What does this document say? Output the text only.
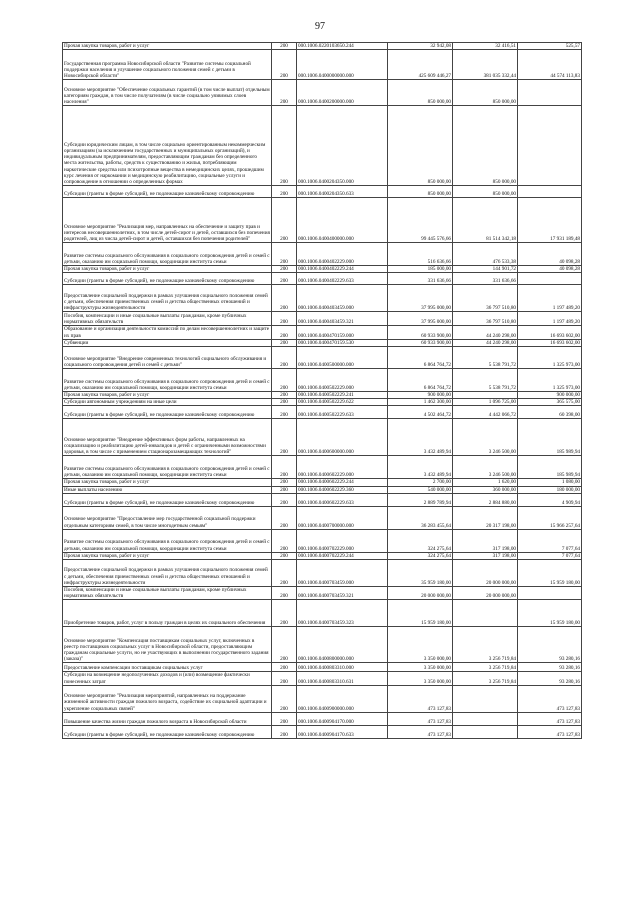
97
Прочая закупка товаров, работ и услуг	200	000.1006.0220103650.244	32 942,08	32 416,51	525,57
Государственная программа Новосибирской области "Развитие системы социальной поддержки населения и улучшение социального положения семей с детьми в Новосибирской области"	200	000.1006.0400000000.000	425 609 446,27	381 035 332,44	44 574 113,83
Основное мероприятие "Обеспечение социальных гарантий (в том числе выплат) отдельным категориям граждан, в том числе получателям (в числе социально уязвимых слоев населения"	200	000.1006.0400200000.000	850 000,00	850 000,00	
Субсидии юридическим лицам, в том числе социально ориентированным некоммерческим организациям (за исключением государственных и муниципальных организаций), и индивидуальным предпринимателям, предоставляющим гражданам без определенного места жительства, работы, средств к существованию и жилья, потребляющим наркотические средства или психотропные вещества в немедицинских целях, прошедшим курс лечения от наркомании и медицинскую реабилитацию, социальные услуги и сопровождение в отношении о определенных формах	200	000.1006.0400204350.000	850 000,00	850 000,00	
Субсидии (гранты в форме субсидий), не подлежащие казначейскому сопровождению	200	000.1006.0400204350.633	850 000,00	850 000,00	
Основное мероприятие "Реализация мер, направленных на обеспечение и защиту прав и интересов несовершеннолетних, в том числе детей-сирот и детей, оставшихся без попечения родителей, лиц из числа детей-сирот и детей, оставшихся без попечения родителей"	200	000.1006.0400400000.000	99 445 576,66	81 514 342,18	17 931 189,48
Развитие системы социального обслуживания в социального сопровождения детей и семей с детьми, оказанию им социальной помощи, координации института семьи	200	000.1006.0400402229.000	516 636,66	476 533,38	40 098,28
Прочая закупка товаров, работ и услуг	200	000.1006.0400402229.244	185 000,00	144 901,72	40 098,28
Субсидии (гранты в форме субсидий), не подлежащие казначейскому сопровождению	200	000.1006.0400402229.633	331 636,66	331 636,66	
Предоставление социальной поддержки в рамках улучшения социального положения семей с детьми, обеспечения приемственных семей и детства общественных отношений и инфраструктуры жизнедеятельности	200	000.1006.0400403459.000	37 995 000,00	36 797 510,80	1 197 489,20
Пособия, компенсации и иные социальные выплаты гражданам, кроме публичных нормативных обязательств	200	000.1006.0400403459.321	37 995 000,00	36 797 510,80	1 197 489,20
Образование и организация деятельности комиссий по делам несовершеннолетних и защите их прав	200	000.1006.0400470159.000	60 933 900,00	44 240 298,00	16 693 602,00
Субвенции	200	000.1006.0400470159.530	60 933 900,00	44 240 298,00	16 693 602,00
Основное мероприятие "Внедрение современных технологий социального обслуживания и социального сопровождения детей и семей с детьми"	200	000.1006.0400500000.000	6 864 764,72	5 538 791,72	1 325 973,00
Развитие системы социального обслуживания в социального сопровождения детей и семей с детьми, оказанию им социальной помощи, координации института семьи	200	000.1006.0400502229.000	6 864 764,72	5 538 791,72	1 325 973,00
Прочая закупка товаров, работ и услуг	200	000.1006.0400502229.241	900 000,00		900 000,00
Субсидии автономным учреждениям на иные цели	200	000.1006.0400502229.622	1 462 300,00	1 096 725,00	365 575,00
Субсидии (гранты в форме субсидий), не подлежащие казначейскому сопровождению	200	000.1006.0400502229.633	4 502 464,72	4 442 066,72	60 398,00
Основное мероприятие "Внедрение эффективных форм работы, направленных на социализацию и реабилитацию детей-инвалидов и детей с ограниченными возможностями здоровья, в том числе с применением стационарозамещающих технологий"	200	000.1006.0400600000.000	3 432 489,94	3 246 500,00	185 989,94
Развитие системы социального обслуживания в социального сопровождения детей и семей с детьми, оказанию им социальной помощи, координации института семьи	200	000.1006.0400602229.000	3 432 489,94	3 246 500,00	185 989,94
Прочая закупка товаров, работ и услуг	200	000.1006.0400602229.244	2 700,00	1 620,00	1 080,00
Иные выплаты населению	200	000.1006.0400602229.360	540 000,00	360 000,00	180 000,00
Субсидии (гранты в форме субсидий), не подлежащие казначейскому сопровождению	200	000.1006.0400602229.633	2 889 789,94	2 884 880,00	4 909,94
Основное мероприятие "Предоставление мер государственной социальной поддержки отдельным категориям семей, в том числе многодетным семьям"	200	000.1006.0400700000.000	36 283 455,64	20 317 198,00	15 966 257,64
Развитие системы социального обслуживания в социального сопровождения детей и семей с детьми, оказанию им социальной помощи, координации института семьи	200	000.1006.0400702229.000	324 275,64	317 198,00	7 077,64
Прочая закупка товаров, работ и услуг	200	000.1006.0400702229.244	324 275,64	317 198,00	7 077,64
Предоставление социальной поддержки в рамках улучшения социального положения семей с детьми, обеспечения приемственных семей и детства общественных отношений и инфраструктуры жизнедеятельности	200	000.1006.0400703459.000	35 959 180,00	20 000 000,00	15 959 180,00
Пособия, компенсации и иные социальные выплаты гражданам, кроме публичных нормативных обязательств	200	000.1006.0400703459.321	20 000 000,00	20 000 000,00	
Приобретение товаров, работ, услуг в пользу граждан в целях их социального обеспечения	200	000.1006.0400703459.323	15 959 180,00		15 959 180,00
Основное мероприятие "Компенсация поставщикам социальных услуг, включенных в реестр поставщиков социальных услуг в Новосибирской области, предоставляющим гражданам социальные услуги, но не участвующих в выполнении государственного задания (заказа)"	200	000.1006.0400800000.000	3 350 000,00	3 256 719,84	93 280,16
Предоставление компенсации поставщикам социальных услуг	200	000.1006.0400803310.000	3 350 000,00	3 256 719,84	93 280,16
Субсидии на возмещение недополученных доходов и (или) возмещение фактически понесенных затрат	200	000.1006.0400803310.631	3 350 000,00	3 256 719,84	93 280,16
Основное мероприятие "Реализация мероприятий, направленных на поддержание жизненной активности граждан пожилого возраста, содействие их социальной адаптации и укрепление социальных связей"	200	000.1006.0400900000.000	473 127,83		473 127,83
Повышение качества жизни граждан пожилого возраста в Новосибирской области	200	000.1006.0400904170.000	473 127,83		473 127,83
Субсидии (гранты в форме субсидий), не подлежащие казначейскому сопровождению	200	000.1006.0400904170.633	473 127,83		473 127,83
